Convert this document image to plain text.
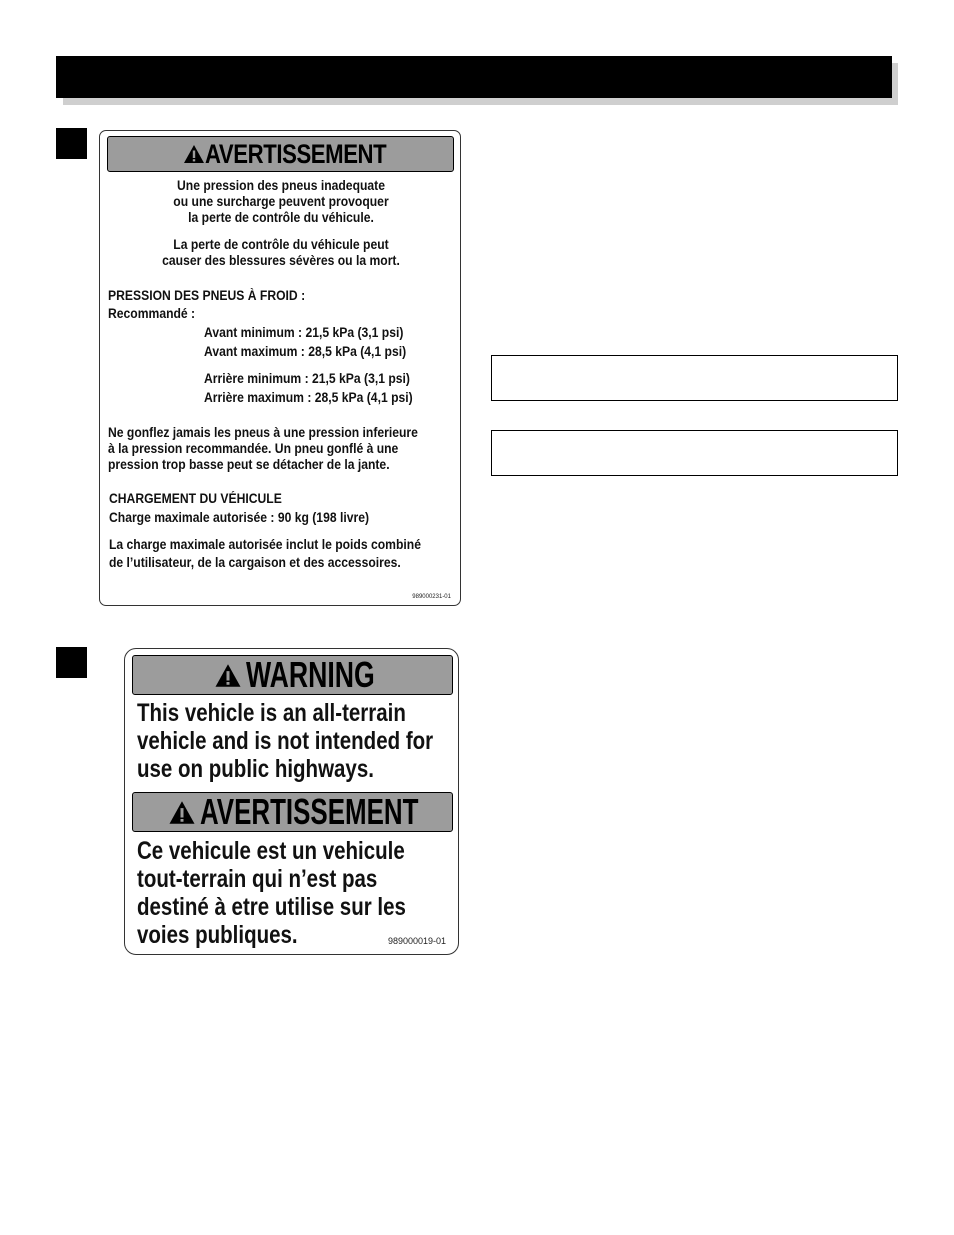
AVERTISSEMENT
Une pression des pneus inadequate
ou une surcharge peuvent provoquer
la perte de contrôle du véhicule.
La perte de contrôle du véhicule peut
causer des blessures sévères ou la mort.
PRESSION DES PNEUS À FROID :
Recommandé :
Avant minimum : 21,5 kPa (3,1 psi)
Avant maximum : 28,5 kPa (4,1 psi)
Arrière minimum : 21,5 kPa (3,1 psi)
Arrière maximum : 28,5 kPa (4,1 psi)
Ne gonflez jamais les pneus à une pression inferieure
à la pression recommandée. Un pneu gonflé à une
pression trop basse peut se détacher de la jante.
CHARGEMENT DU VÉHICULE
Charge maximale autorisée : 90 kg (198 livre)
La charge maximale autorisée inclut le poids combiné
de l’utilisateur, de la cargaison et des accessoires.
989000231-01
WARNING
This vehicle is an all-terrain
vehicle and is not intended for
use on public highways.
AVERTISSEMENT
Ce vehicule est un vehicule
tout-terrain qui n’est pas
destiné à etre utilise sur les
voies publiques.	989000019-01
